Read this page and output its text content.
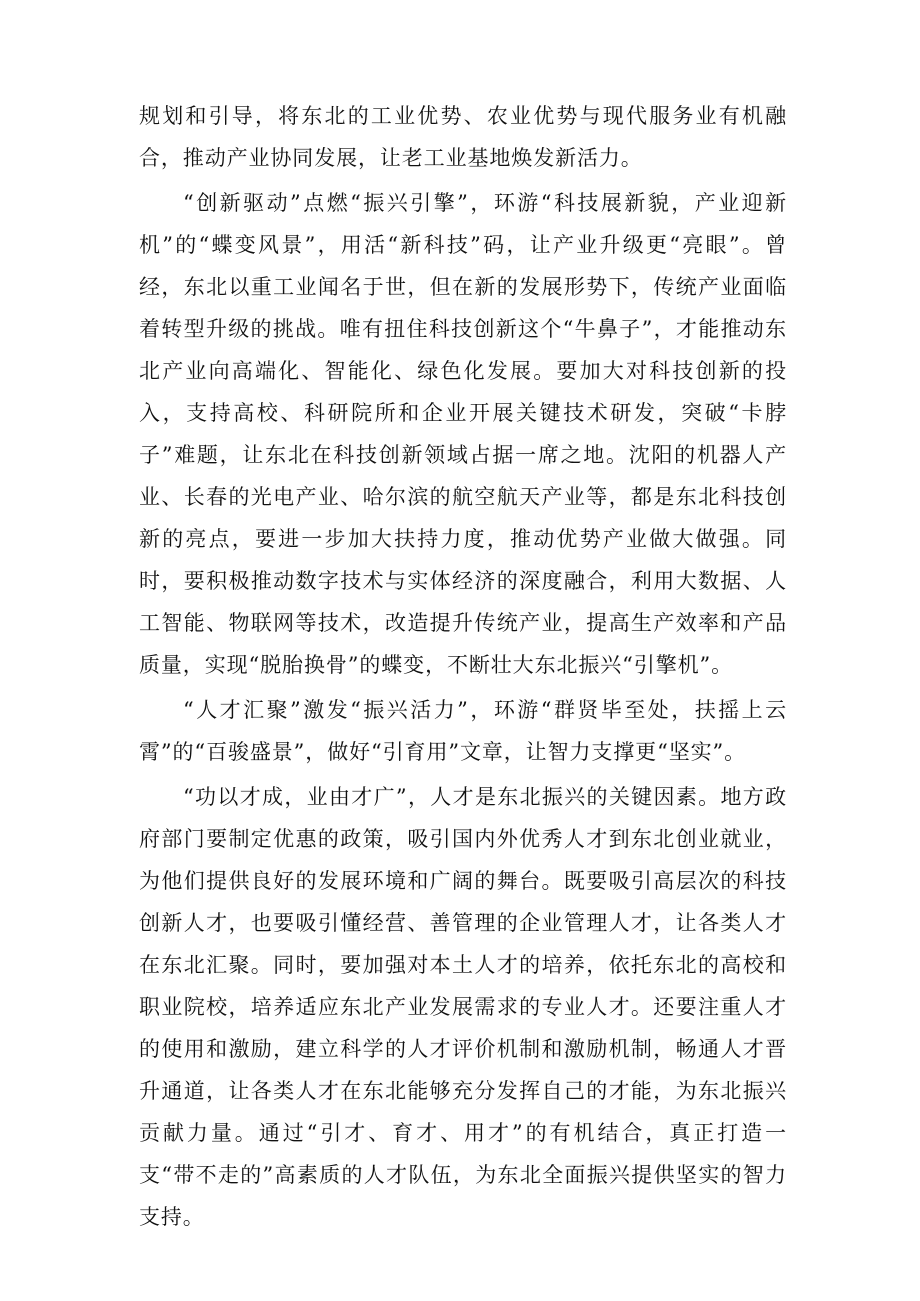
规划和引导，将东北的工业优势、农业优势与现代服务业有机融合，推动产业协同发展，让老工业基地焕发新活力。

“创新驱动”点燃“振兴引擎”，环游“科技展新貌，产业迎新机”的“蝶变风景”，用活“新科技”码，让产业升级更“亮眼”。曾经，东北以重工业闻名于世，但在新的发展形势下，传统产业面临着转型升级的挑战。唯有扭住科技创新这个“牛鼻子”，才能推动东北产业向高端化、智能化、绿色化发展。要加大对科技创新的投入，支持高校、科研院所和企业开展关键技术研发，突破“卡脖子”难题，让东北在科技创新领域占据一席之地。沈阳的机器人产业、长春的光电产业、哈尔滨的航空航天产业等，都是东北科技创新的亮点，要进一步加大扶持力度，推动优势产业做大做强。同时，要积极推动数字技术与实体经济的深度融合，利用大数据、人工智能、物联网等技术，改造提升传统产业，提高生产效率和产品质量，实现“脱胎换骨”的蝶变，不断壮大东北振兴“引擎机”。

“人才汇聚”激发“振兴活力”，环游“群贤毕至处，扶摇上云霄”的“百骏盛景”，做好“引育用”文章，让智力支撑更“坚实”。

“功以才成，业由才广”，人才是东北振兴的关键因素。地方政府部门要制定优惠的政策，吸引国内外优秀人才到东北创业就业，为他们提供良好的发展环境和广阔的舞台。既要吸引高层次的科技创新人才，也要吸引懂经营、善管理的企业管理人才，让各类人才在东北汇聚。同时，要加强对本土人才的培养，依托东北的高校和职业院校，培养适应东北产业发展需求的专业人才。还要注重人才的使用和激励，建立科学的人才评价机制和激励机制，畅通人才晋升通道，让各类人才在东北能够充分发挥自己的才能，为东北振兴贡献力量。通过“引才、育才、用才”的有机结合，真正打造一支“带不走的”高素质的人才队伍，为东北全面振兴提供坚实的智力支持。
